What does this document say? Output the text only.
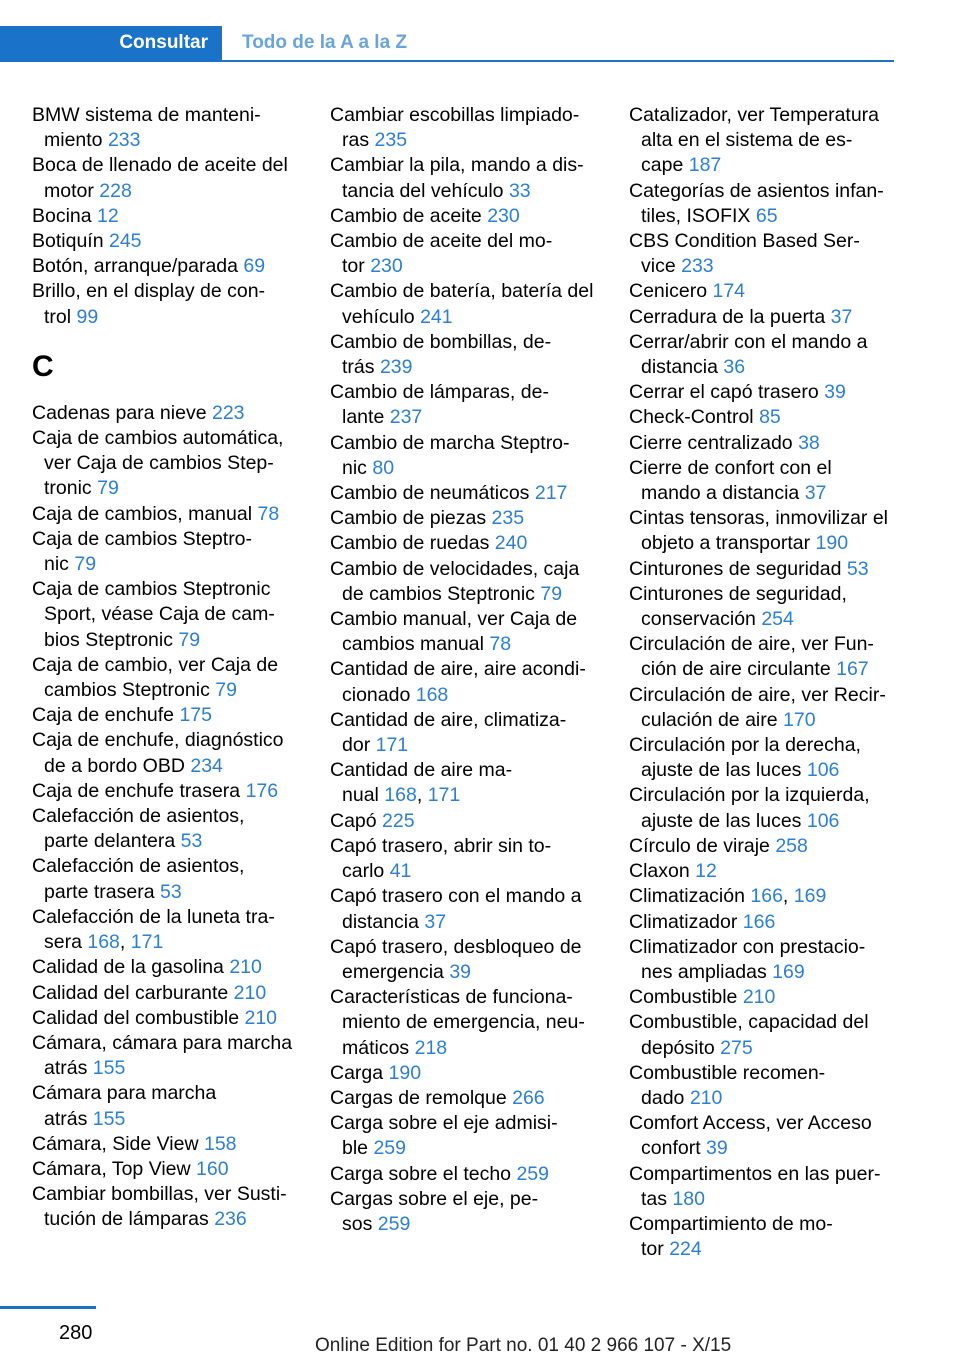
Consultar	Todo de la A a la Z

BMW sistema de manteni-
miento 233

Boca de llenado de aceite del
motor 228

Bocina 12

Botiquín 245

Botón, arranque/parada 69

Brillo, en el display de con-
trol 99

C

Cadenas para nieve 223

Caja de cambios automática,
ver Caja de cambios Step-
tronic 79

Caja de cambios, manual 78

Caja de cambios Steptro-
nic 79

Caja de cambios Steptronic
Sport, véase Caja de cam-
bios Steptronic 79

Caja de cambio, ver Caja de
cambios Steptronic 79

Caja de enchufe 175

Caja de enchufe, diagnóstico
de a bordo OBD 234

Caja de enchufe trasera 176

Calefacción de asientos,
parte delantera 53

Calefacción de asientos,
parte trasera 53

Calefacción de la luneta tra-
sera 168, 171

Calidad de la gasolina 210

Calidad del carburante 210

Calidad del combustible 210

Cámara, cámara para marcha
atrás 155

Cámara para marcha
atrás 155

Cámara, Side View 158

Cámara, Top View 160

Cambiar bombillas, ver Susti-
tución de lámparas 236

Cambiar escobillas limpiado-
ras 235

Cambiar la pila, mando a dis-
tancia del vehículo 33

Cambio de aceite 230

Cambio de aceite del mo-
tor 230

Cambio de batería, batería del
vehículo 241

Cambio de bombillas, de-
trás 239

Cambio de lámparas, de-
lante 237

Cambio de marcha Steptro-
nic 80

Cambio de neumáticos 217

Cambio de piezas 235

Cambio de ruedas 240

Cambio de velocidades, caja
de cambios Steptronic 79

Cambio manual, ver Caja de
cambios manual 78

Cantidad de aire, aire acondi-
cionado 168

Cantidad de aire, climatiza-
dor 171

Cantidad de aire ma-
nual 168, 171

Capó 225

Capó trasero, abrir sin to-
carlo 41

Capó trasero con el mando a
distancia 37

Capó trasero, desbloqueo de
emergencia 39

Características de funciona-
miento de emergencia, neu-
máticos 218

Carga 190

Cargas de remolque 266

Carga sobre el eje admisi-
ble 259

Carga sobre el techo 259

Cargas sobre el eje, pe-
sos 259

Catalizador, ver Temperatura
alta en el sistema de es-
cape 187

Categorías de asientos infan-
tiles, ISOFIX 65

CBS Condition Based Ser-
vice 233

Cenicero 174

Cerradura de la puerta 37

Cerrar/abrir con el mando a
distancia 36

Cerrar el capó trasero 39

Check-Control 85

Cierre centralizado 38

Cierre de confort con el
mando a distancia 37

Cintas tensoras, inmovilizar el
objeto a transportar 190

Cinturones de seguridad 53

Cinturones de seguridad,
conservación 254

Circulación de aire, ver Fun-
ción de aire circulante 167

Circulación de aire, ver Recir-
culación de aire 170

Circulación por la derecha,
ajuste de las luces 106

Circulación por la izquierda,
ajuste de las luces 106

Círculo de viraje 258

Claxon 12

Climatización 166, 169

Climatizador 166

Climatizador con prestacio-
nes ampliadas 169

Combustible 210

Combustible, capacidad del
depósito 275

Combustible recomen-
dado 210

Comfort Access, ver Acceso
confort 39

Compartimentos en las puer-
tas 180

Compartimiento de mo-
tor 224

280
Online Edition for Part no. 01 40 2 966 107 - X/15
